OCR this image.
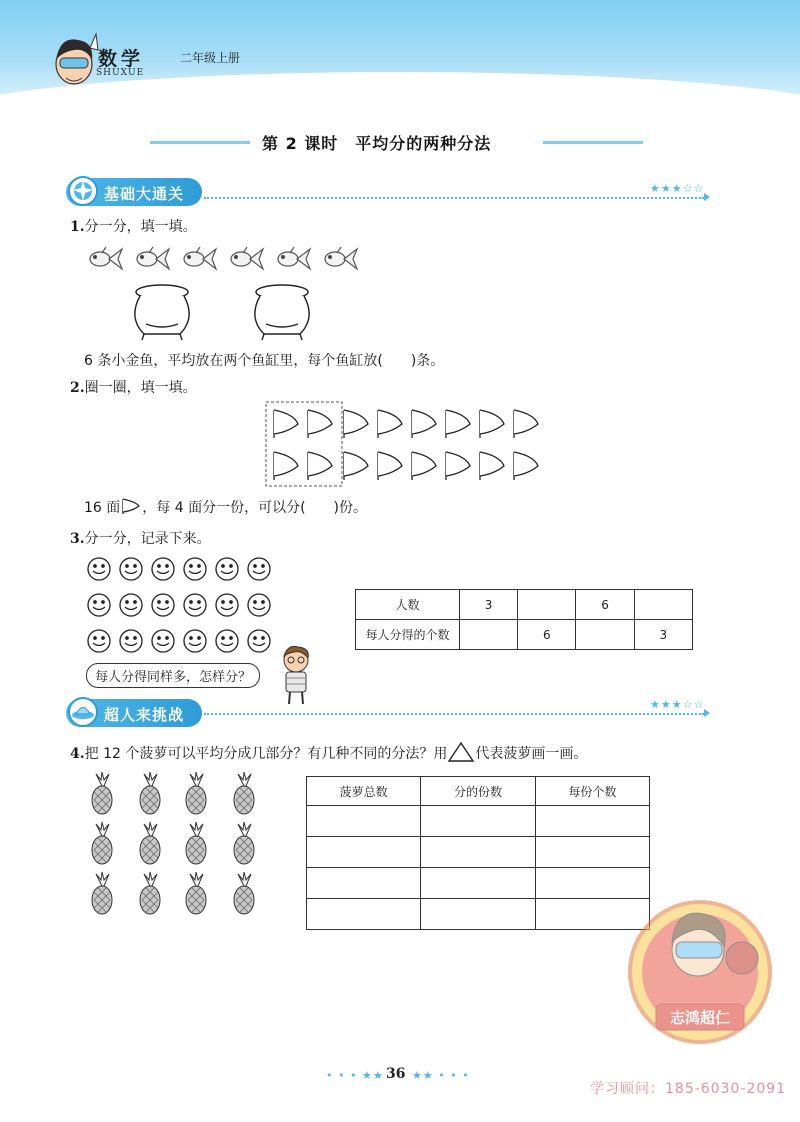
数学
SHUXUE
二年级上册
第 2 课时　平均分的两种分法
基础大通关	★★★☆☆
1.分一分，填一填。
6 条小金鱼，平均放在两个鱼缸里，每个鱼缸放(　　)条。
2.圈一圈，填一填。
16 面 ，每 4 面分一份，可以分(　　)份。
3.分一分，记录下来。
人数	3		6	
每人分得的个数		6		3
每人分得同样多，怎样分？
超人来挑战
★★★☆☆
4.把 12 个菠萝可以平均分成几部分？有几种不同的分法？用 代表菠萝画一画。
菠萝总数	分的份数	每份个数

志鸿超仁
• • • ★★ 36 ★★ • • •
学习顾问：185-6030-2091
